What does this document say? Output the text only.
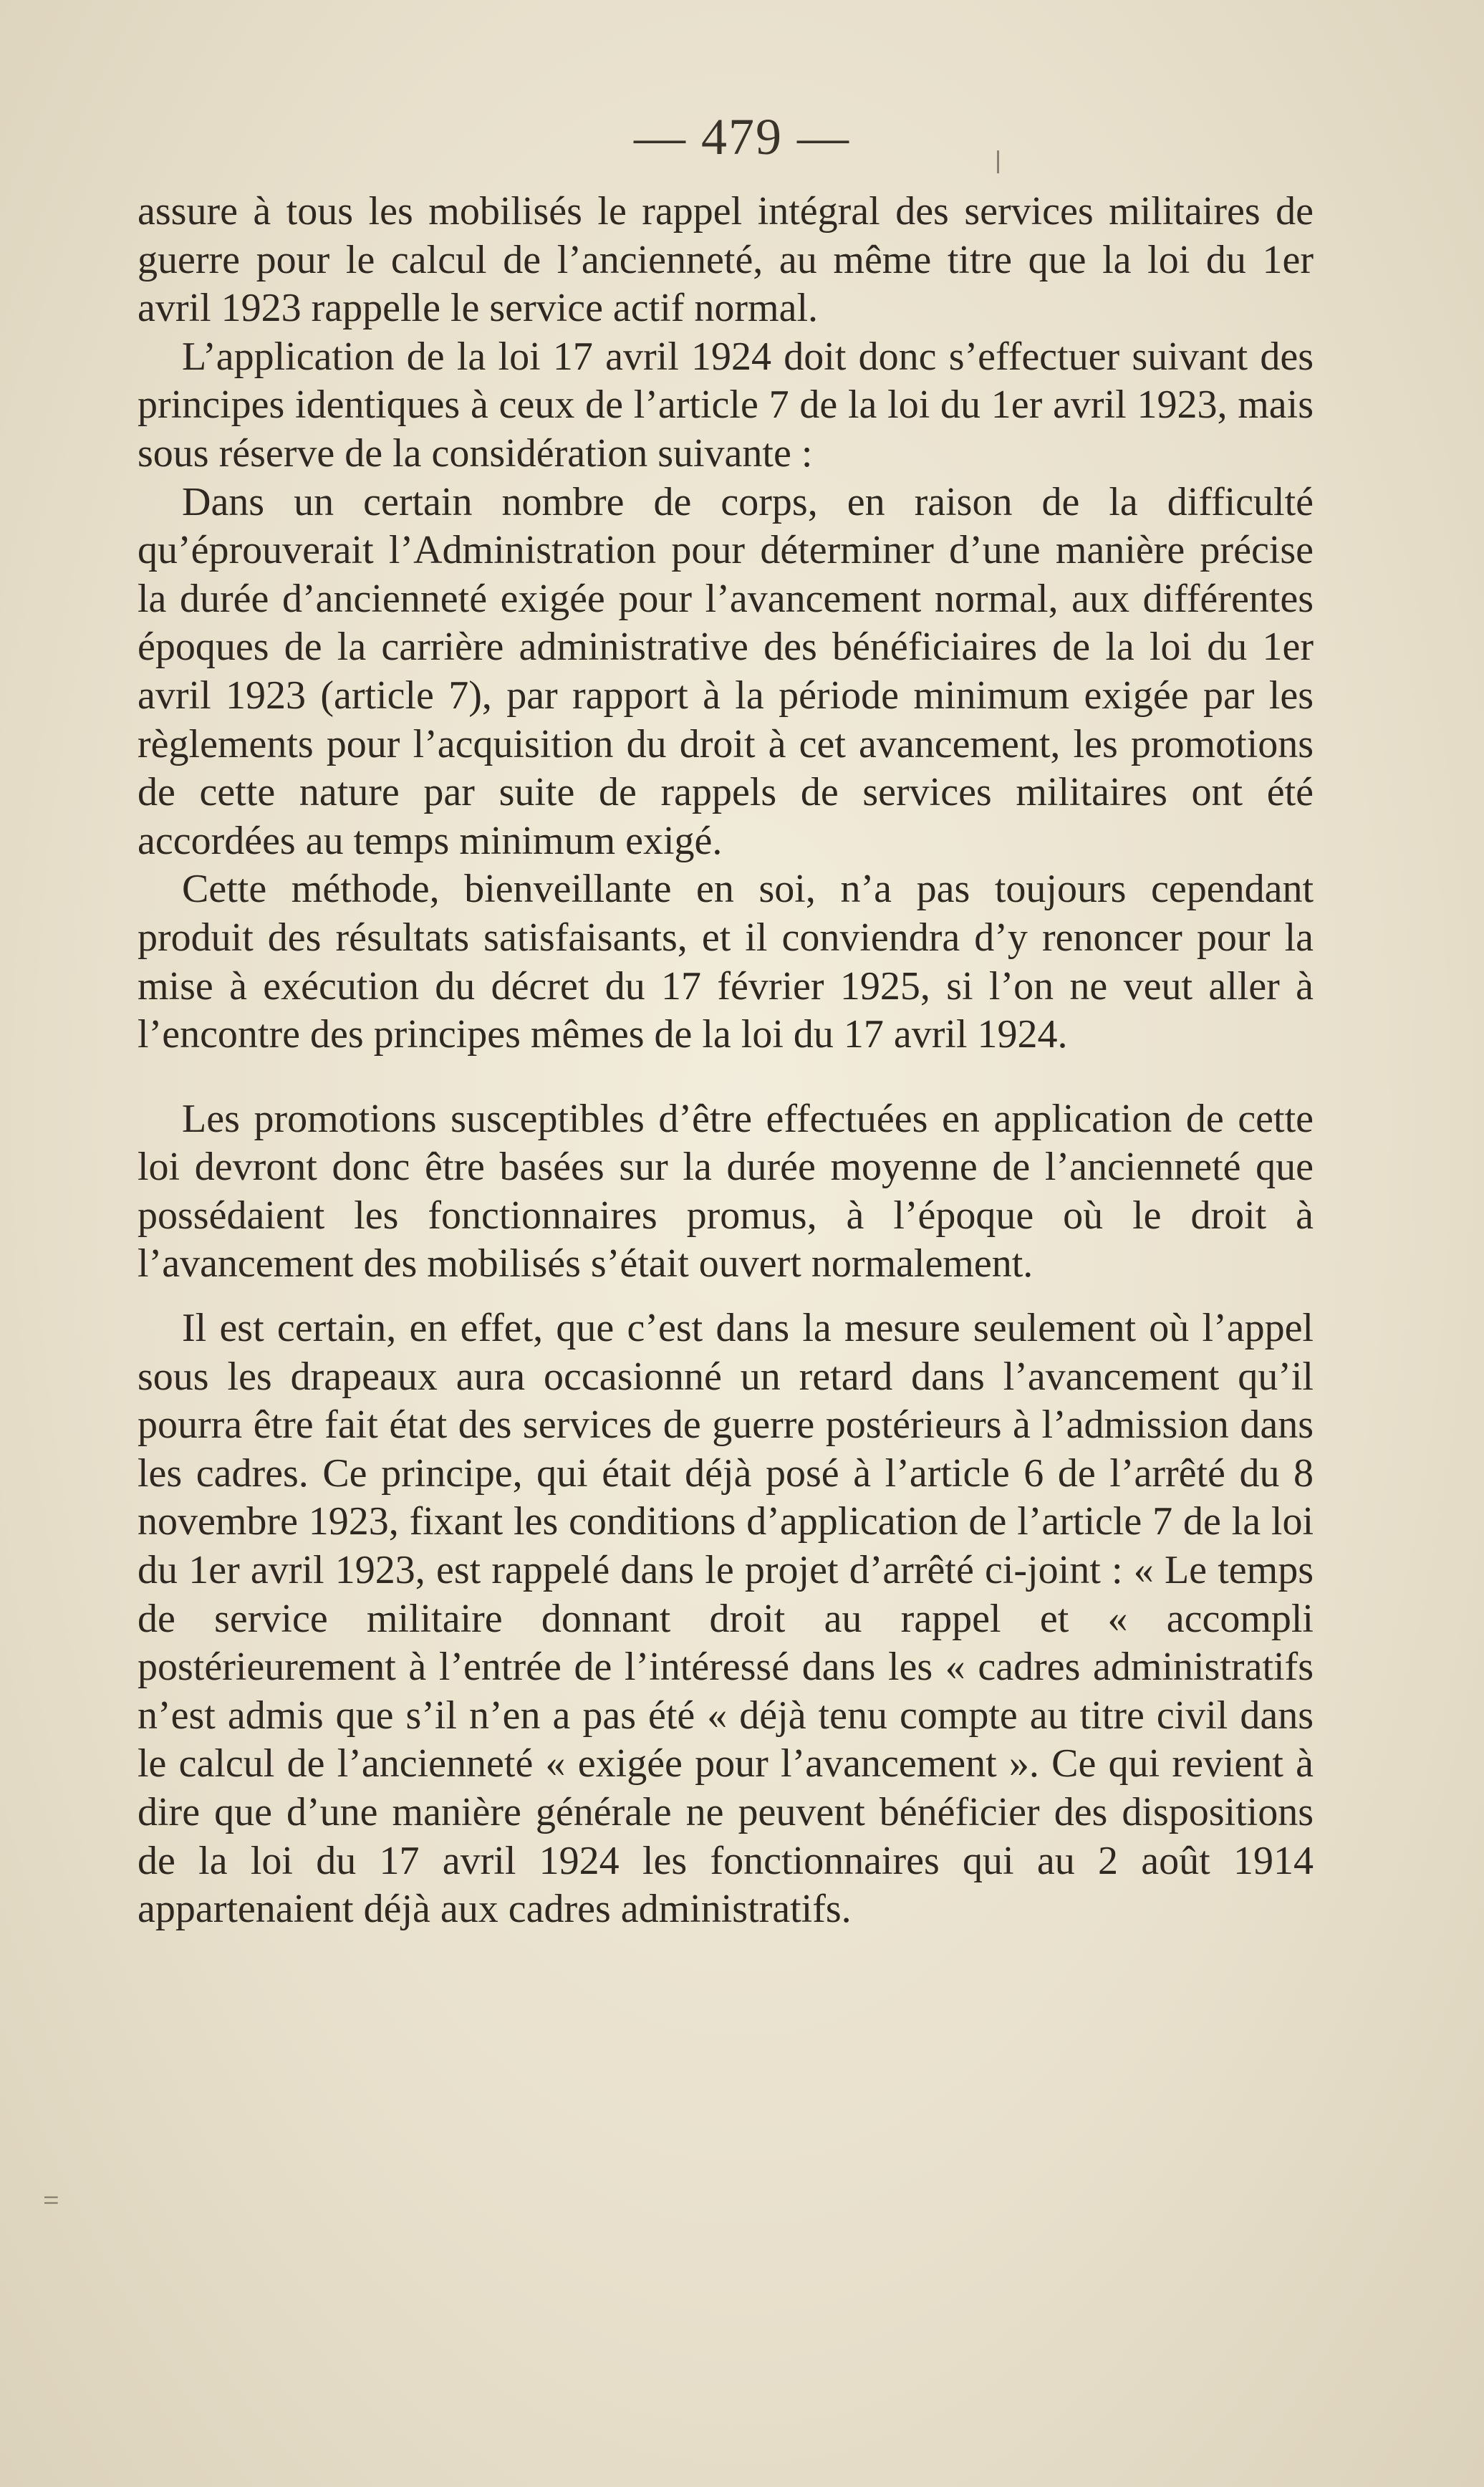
— 479 —

assure à tous les mobilisés le rappel intégral des services militaires de guerre pour le calcul de l’ancienneté, au même titre que la loi du 1er avril 1923 rappelle le service actif normal.

L’application de la loi 17 avril 1924 doit donc s’effectuer suivant des principes identiques à ceux de l’article 7 de la loi du 1er avril 1923, mais sous réserve de la considération suivante :

Dans un certain nombre de corps, en raison de la difficulté qu’éprouverait l’Administration pour déterminer d’une manière précise la durée d’ancienneté exigée pour l’avancement normal, aux différentes époques de la carrière administrative des bénéficiaires de la loi du 1er avril 1923 (article 7), par rapport à la période minimum exigée par les règlements pour l’acquisition du droit à cet avancement, les promotions de cette nature par suite de rappels de services militaires ont été accordées au temps minimum exigé.

Cette méthode, bienveillante en soi, n’a pas toujours cependant produit des résultats satisfaisants, et il conviendra d’y renoncer pour la mise à exécution du décret du 17 février 1925, si l’on ne veut aller à l’encontre des principes mêmes de la loi du 17 avril 1924.

Les promotions susceptibles d’être effectuées en application de cette loi devront donc être basées sur la durée moyenne de l’ancienneté que possédaient les fonctionnaires promus, à l’époque où le droit à l’avancement des mobilisés s’était ouvert normalement.

Il est certain, en effet, que c’est dans la mesure seulement où l’appel sous les drapeaux aura occasionné un retard dans l’avancement qu’il pourra être fait état des services de guerre postérieurs à l’admission dans les cadres. Ce principe, qui était déjà posé à l’article 6 de l’arrêté du 8 novembre 1923, fixant les conditions d’application de l’article 7 de la loi du 1er avril 1923, est rappelé dans le projet d’arrêté ci-joint : « Le temps de service militaire donnant droit au rappel et « accompli postérieurement à l’entrée de l’intéressé dans les « cadres administratifs n’est admis que s’il n’en a pas été « déjà tenu compte au titre civil dans le calcul de l’ancienneté « exigée pour l’avancement ». Ce qui revient à dire que d’une manière générale ne peuvent bénéficier des dispositions de la loi du 17 avril 1924 les fonctionnaires qui au 2 août 1914 appartenaient déjà aux cadres administratifs.

=
